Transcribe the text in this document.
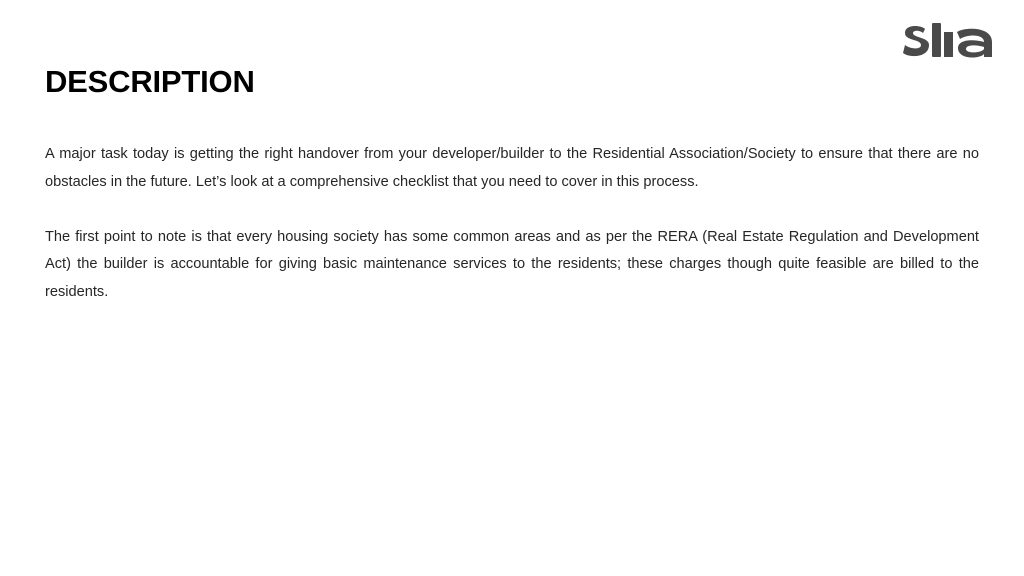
DESCRIPTION

A major task today is getting the right handover from your developer/builder to the Residential Association/Society to ensure that there are no obstacles in the future. Let’s look at a comprehensive checklist that you need to cover in this process.

The first point to note is that every housing society has some common areas and as per the RERA (Real Estate Regulation and Development Act) the builder is accountable for giving basic maintenance services to the residents; these charges though quite feasible are billed to the residents.
